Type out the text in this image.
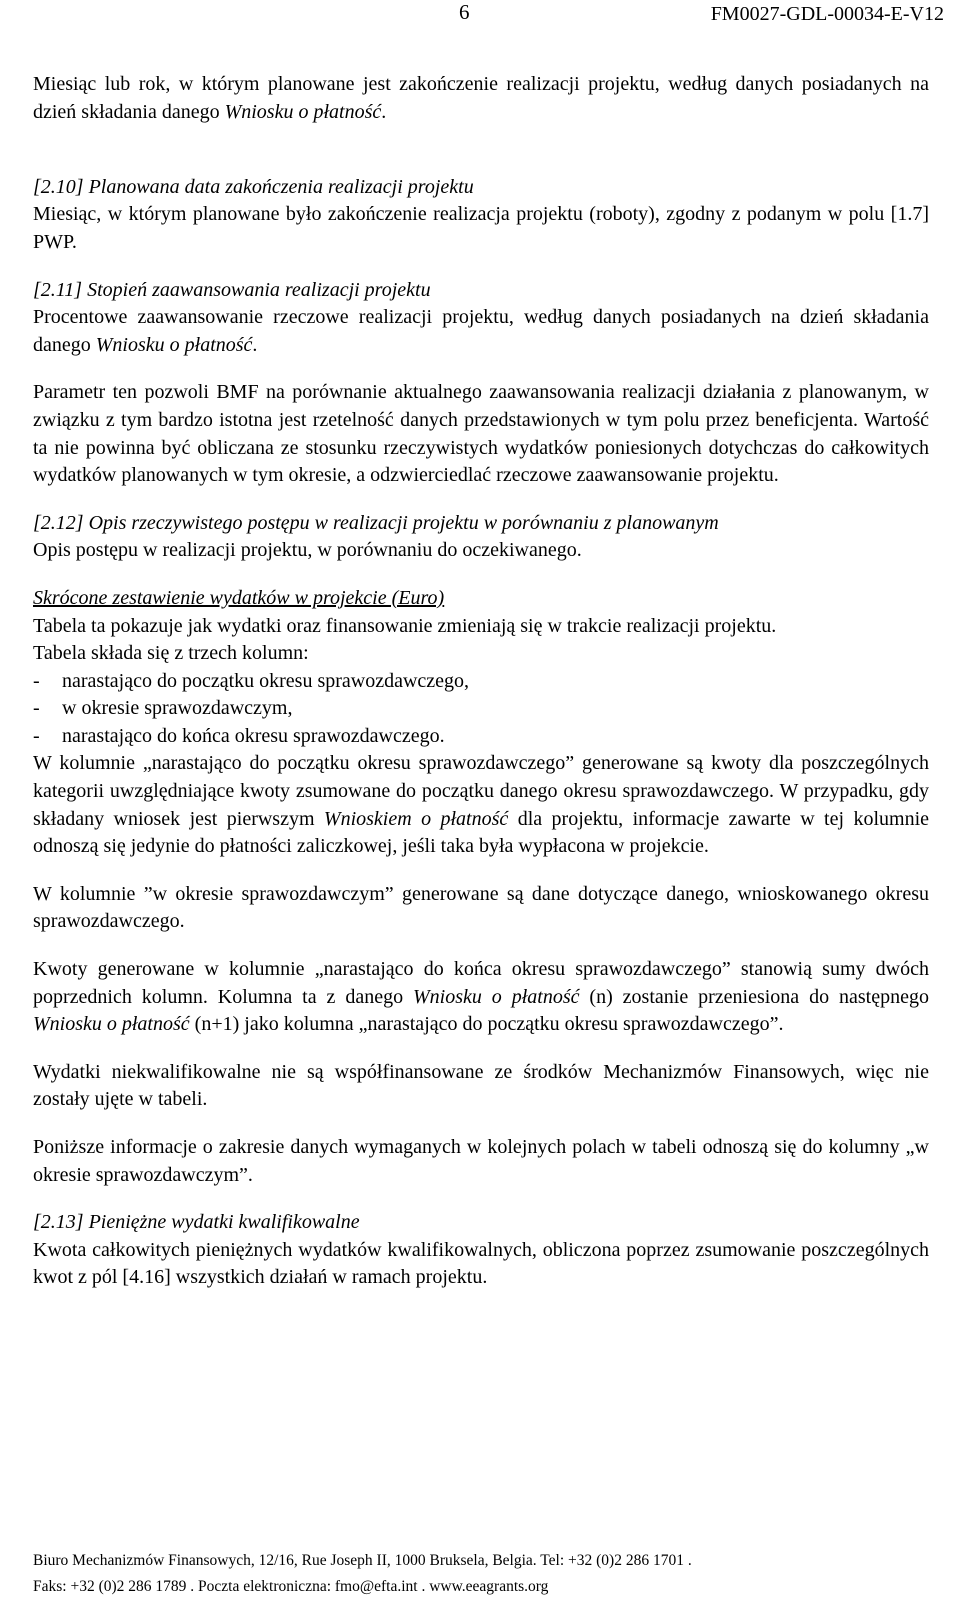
6	FM0027-GDL-00034-E-V12

Miesiąc lub rok, w którym planowane jest zakończenie realizacji projektu, według danych posiadanych na dzień składania danego Wniosku o płatność.

[2.10] Planowana data zakończenia realizacji projektu

Miesiąc, w którym planowane było zakończenie realizacja projektu (roboty), zgodny z podanym w polu [1.7] PWP.

[2.11] Stopień zaawansowania realizacji projektu

Procentowe zaawansowanie rzeczowe realizacji projektu, według danych posiadanych na dzień składania danego Wniosku o płatność.

Parametr ten pozwoli BMF na porównanie aktualnego zaawansowania realizacji działania z planowanym, w związku z tym bardzo istotna jest rzetelność danych przedstawionych w tym polu przez beneficjenta. Wartość ta nie powinna być obliczana ze stosunku rzeczywistych wydatków poniesionych dotychczas do całkowitych wydatków planowanych w tym okresie, a odzwierciedlać rzeczowe zaawansowanie projektu.

[2.12] Opis rzeczywistego postępu w realizacji projektu w porównaniu z planowanym

Opis postępu w realizacji projektu, w porównaniu do oczekiwanego.

Skrócone zestawienie wydatków w projekcie (Euro)

Tabela ta pokazuje jak wydatki oraz finansowanie zmieniają się w trakcie realizacji projektu.

Tabela składa się z trzech kolumn:

-	narastająco do początku okresu sprawozdawczego,
-	w okresie sprawozdawczym,
-	narastająco do końca okresu sprawozdawczego.

W kolumnie „narastająco do początku okresu sprawozdawczego” generowane są kwoty dla poszczególnych kategorii uwzględniające kwoty zsumowane do początku danego okresu sprawozdawczego. W przypadku, gdy składany wniosek jest pierwszym Wnioskiem o płatność dla projektu, informacje zawarte w tej kolumnie odnoszą się jedynie do płatności zaliczkowej, jeśli taka była wypłacona w projekcie.

W kolumnie ”w okresie sprawozdawczym” generowane są dane dotyczące danego, wnioskowanego okresu sprawozdawczego.

Kwoty generowane w kolumnie „narastająco do końca okresu sprawozdawczego” stanowią sumy dwóch poprzednich kolumn. Kolumna ta z danego Wniosku o płatność (n) zostanie przeniesiona do następnego Wniosku o płatność (n+1) jako kolumna „narastająco do początku okresu sprawozdawczego”.

Wydatki niekwalifikowalne nie są współfinansowane ze środków Mechanizmów Finansowych, więc nie zostały ujęte w tabeli.

Poniższe informacje o zakresie danych wymaganych w kolejnych polach w tabeli odnoszą się do kolumny „w okresie sprawozdawczym”.

[2.13] Pieniężne wydatki kwalifikowalne

Kwota całkowitych pieniężnych wydatków kwalifikowalnych, obliczona poprzez zsumowanie poszczególnych kwot z pól [4.16] wszystkich działań w ramach projektu.

Biuro Mechanizmów Finansowych, 12/16, Rue Joseph II, 1000 Bruksela, Belgia. Tel: +32 (0)2 286 1701 .

Faks: +32 (0)2 286 1789 . Poczta elektroniczna: fmo@efta.int . www.eeagrants.org
